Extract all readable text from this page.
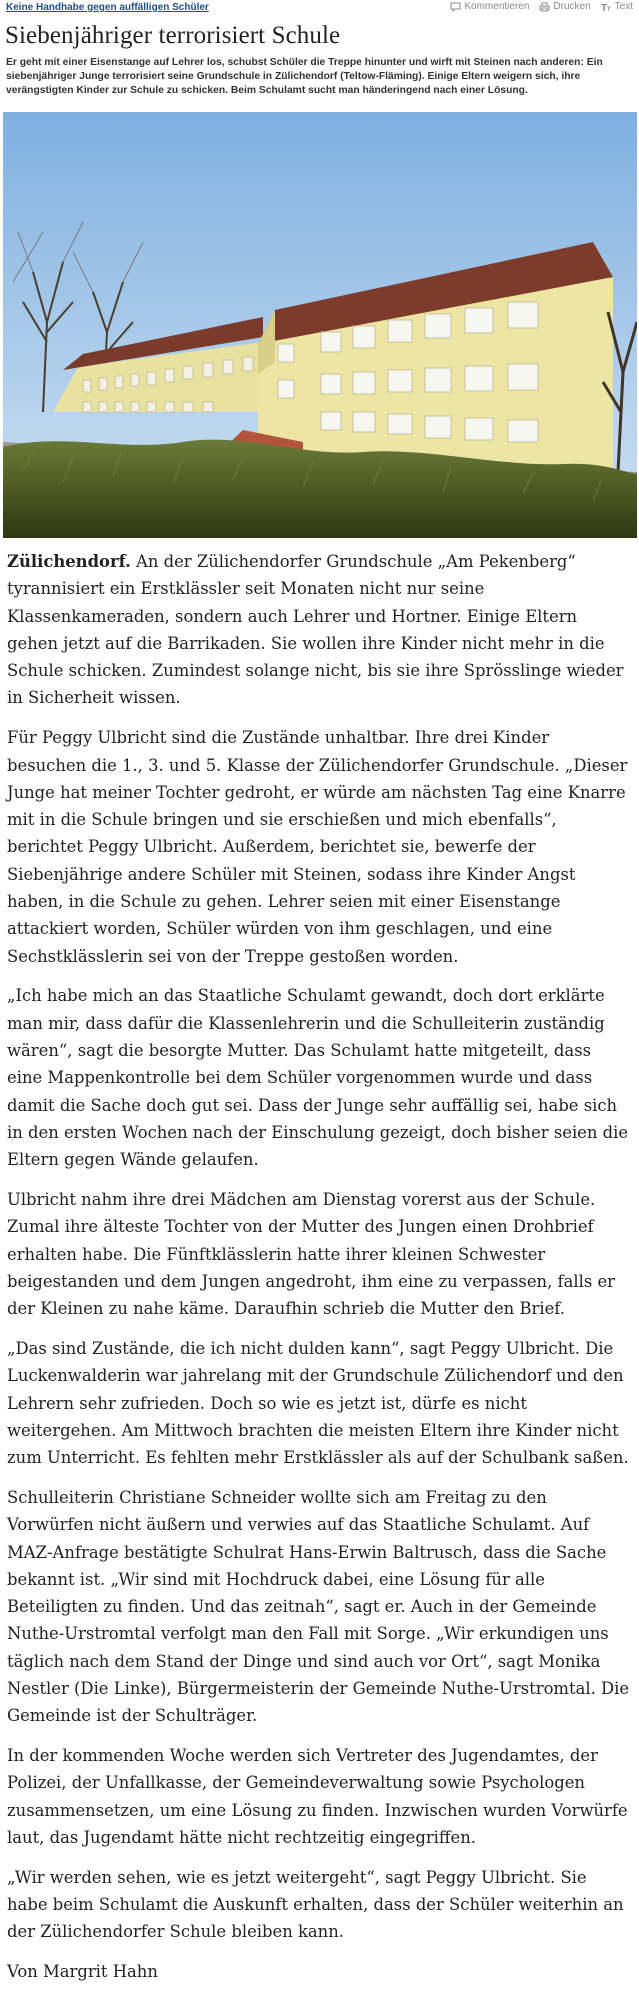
Keine Handhabe gegen auffälligen Schüler	Kommentieren Drucken T T Text
Siebenjähriger terrorisiert Schule
Er geht mit einer Eisenstange auf Lehrer los, schubst Schüler die Treppe hinunter und wirft mit Steinen nach anderen: Ein siebenjähriger Junge terrorisiert seine Grundschule in Zülichendorf (Teltow-Fläming). Einige Eltern weigern sich, ihre verängstigten Kinder zur Schule zu schicken. Beim Schulamt sucht man händeringend nach einer Lösung.

Zülichendorf. An der Zülichendorfer Grundschule „Am Pekenberg“ tyrannisiert ein Erstklässler seit Monaten nicht nur seine Klassenkameraden, sondern auch Lehrer und Hortner. Einige Eltern gehen jetzt auf die Barrikaden. Sie wollen ihre Kinder nicht mehr in die Schule schicken. Zumindest solange nicht, bis sie ihre Sprösslinge wieder in Sicherheit wissen.

Für Peggy Ulbricht sind die Zustände unhaltbar. Ihre drei Kinder besuchen die 1., 3. und 5. Klasse der Zülichendorfer Grundschule. „Dieser Junge hat meiner Tochter gedroht, er würde am nächsten Tag eine Knarre mit in die Schule bringen und sie erschießen und mich ebenfalls“, berichtet Peggy Ulbricht. Außerdem, berichtet sie, bewerfe der Siebenjährige andere Schüler mit Steinen, sodass ihre Kinder Angst haben, in die Schule zu gehen. Lehrer seien mit einer Eisenstange attackiert worden, Schüler würden von ihm geschlagen, und eine Sechstklässlerin sei von der Treppe gestoßen worden.

„Ich habe mich an das Staatliche Schulamt gewandt, doch dort erklärte man mir, dass dafür die Klassenlehrerin und die Schulleiterin zuständig wären“, sagt die besorgte Mutter. Das Schulamt hatte mitgeteilt, dass eine Mappenkontrolle bei dem Schüler vorgenommen wurde und dass damit die Sache doch gut sei. Dass der Junge sehr auffällig sei, habe sich in den ersten Wochen nach der Einschulung gezeigt, doch bisher seien die Eltern gegen Wände gelaufen.

Ulbricht nahm ihre drei Mädchen am Dienstag vorerst aus der Schule. Zumal ihre älteste Tochter von der Mutter des Jungen einen Drohbrief erhalten habe. Die Fünftklässlerin hatte ihrer kleinen Schwester beigestanden und dem Jungen angedroht, ihm eine zu verpassen, falls er der Kleinen zu nahe käme. Daraufhin schrieb die Mutter den Brief.

„Das sind Zustände, die ich nicht dulden kann“, sagt Peggy Ulbricht. Die Luckenwalderin war jahrelang mit der Grundschule Zülichendorf und den Lehrern sehr zufrieden. Doch so wie es jetzt ist, dürfe es nicht weitergehen. Am Mittwoch brachten die meisten Eltern ihre Kinder nicht zum Unterricht. Es fehlten mehr Erstklässler als auf der Schulbank saßen.

Schulleiterin Christiane Schneider wollte sich am Freitag zu den Vorwürfen nicht äußern und verwies auf das Staatliche Schulamt. Auf MAZ-Anfrage bestätigte Schulrat Hans-Erwin Baltrusch, dass die Sache bekannt ist. „Wir sind mit Hochdruck dabei, eine Lösung für alle Beteiligten zu finden. Und das zeitnah“, sagt er. Auch in der Gemeinde Nuthe-Urstromtal verfolgt man den Fall mit Sorge. „Wir erkundigen uns täglich nach dem Stand der Dinge und sind auch vor Ort“, sagt Monika Nestler (Die Linke), Bürgermeisterin der Gemeinde Nuthe-Urstromtal. Die Gemeinde ist der Schulträger.

In der kommenden Woche werden sich Vertreter des Jugendamtes, der Polizei, der Unfallkasse, der Gemeindeverwaltung sowie Psychologen zusammensetzen, um eine Lösung zu finden. Inzwischen wurden Vorwürfe laut, das Jugendamt hätte nicht rechtzeitig eingegriffen.

„Wir werden sehen, wie es jetzt weitergeht“, sagt Peggy Ulbricht. Sie habe beim Schulamt die Auskunft erhalten, dass der Schüler weiterhin an der Zülichendorfer Schule bleiben kann.

Von Margrit Hahn
